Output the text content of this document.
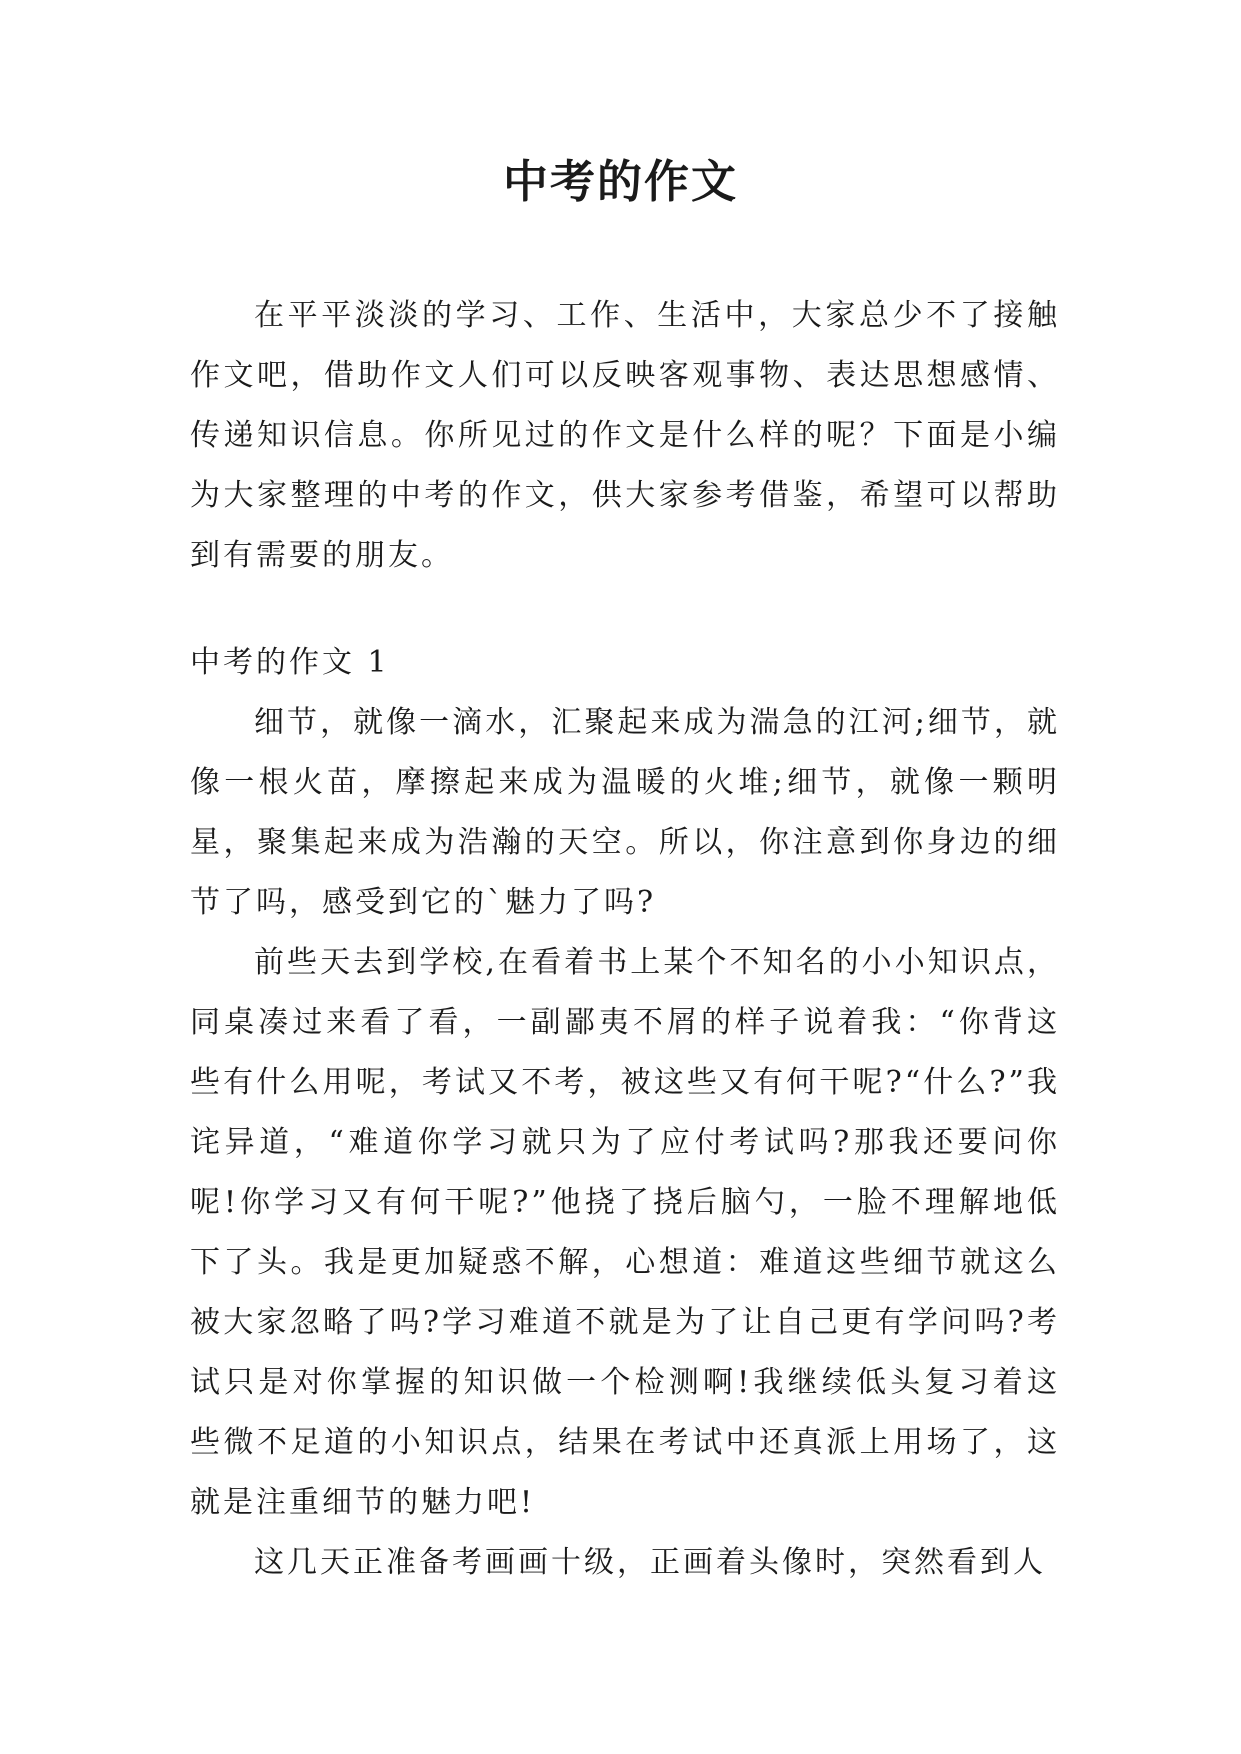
中考的作文

在平平淡淡的学习、工作、生活中，大家总少不了接触作文吧，借助作文人们可以反映客观事物、表达思想感情、传递知识信息。你所见过的作文是什么样的呢？下面是小编为大家整理的中考的作文，供大家参考借鉴，希望可以帮助到有需要的朋友。

中考的作文 1

细节，就像一滴水，汇聚起来成为湍急的江河;细节，就像一根火苗，摩擦起来成为温暖的火堆;细节，就像一颗明星，聚集起来成为浩瀚的天空。所以，你注意到你身边的细节了吗，感受到它的`魅力了吗?

前些天去到学校,在看着书上某个不知名的小小知识点，同桌凑过来看了看，一副鄙夷不屑的样子说着我：“你背这些有什么用呢，考试又不考，被这些又有何干呢?“什么?”我诧异道，“难道你学习就只为了应付考试吗?那我还要问你呢!你学习又有何干呢?”他挠了挠后脑勺，一脸不理解地低下了头。我是更加疑惑不解，心想道：难道这些细节就这么被大家忽略了吗?学习难道不就是为了让自己更有学问吗?考试只是对你掌握的知识做一个检测啊!我继续低头复习着这些微不足道的小知识点，结果在考试中还真派上用场了，这就是注重细节的魅力吧!

这几天正准备考画画十级，正画着头像时，突然看到人
